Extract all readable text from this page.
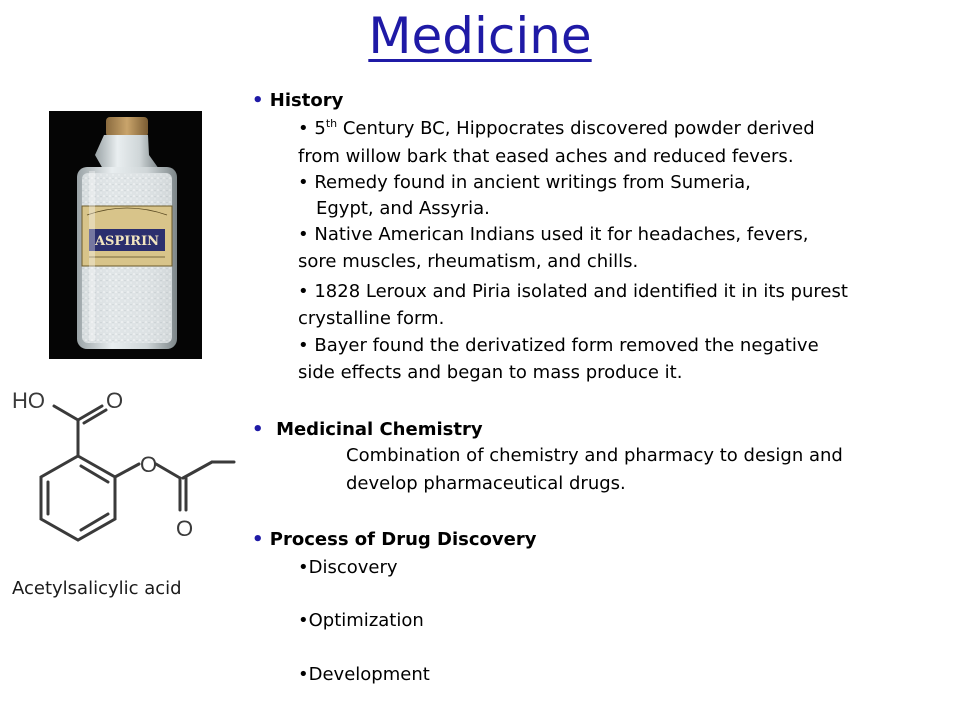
Medicine
ASPIRIN
HO	O
O
O
Acetylsalicylic acid
• History
• 5th Century BC, Hippocrates discovered powder derived
from willow bark that eased aches and reduced fevers.
• Remedy found in ancient writings from Sumeria,
Egypt, and Assyria.
• Native American Indians used it for headaches, fevers,
sore muscles, rheumatism, and chills.
• 1828 Leroux and Piria isolated and identified it in its purest
crystalline form.
• Bayer found the derivatized form removed the negative
side effects and began to mass produce it.
• Medicinal Chemistry
Combination of chemistry and pharmacy to design and
develop pharmaceutical drugs.
• Process of Drug Discovery
•Discovery
•Optimization
•Development
